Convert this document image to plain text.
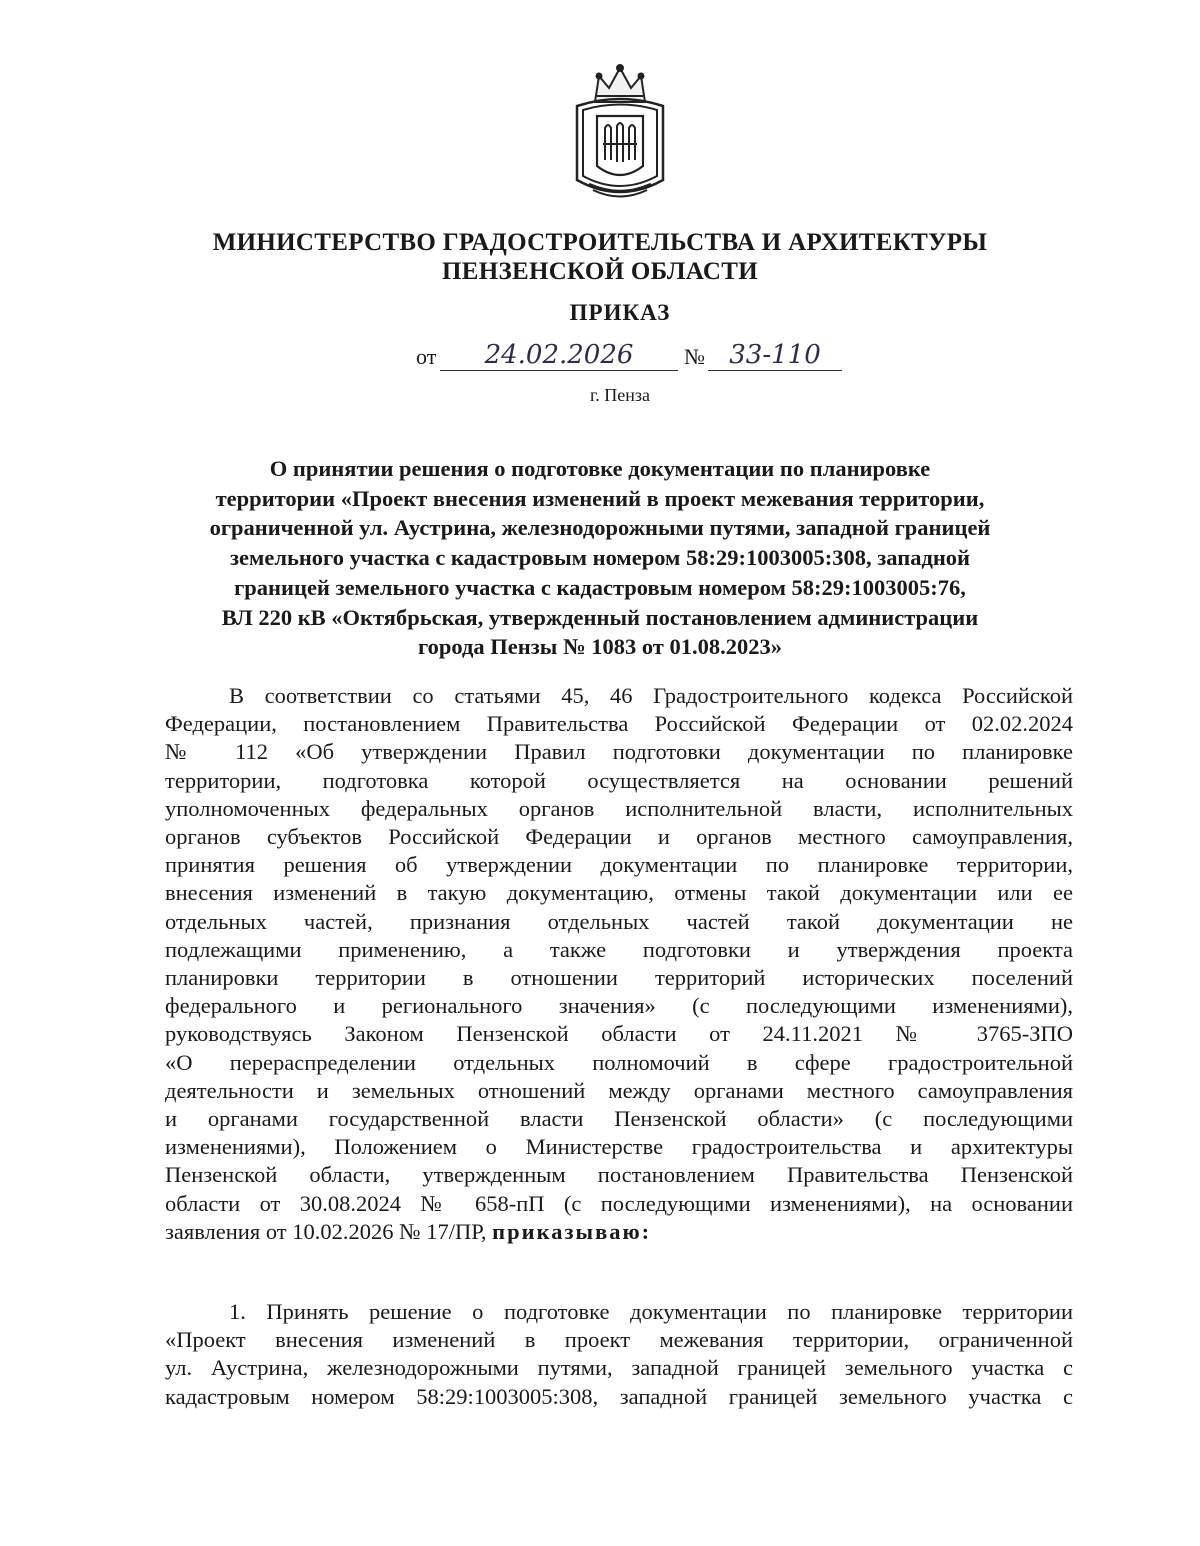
МИНИСТЕРСТВО ГРАДОСТРОИТЕЛЬСТВА И АРХИТЕКТУРЫ
ПЕНЗЕНСКОЙ ОБЛАСТИ
ПРИКАЗ
от	24.02.2026	№ 33-110
г. Пенза
О принятии решения о подготовке документации по планировке
территории «Проект внесения изменений в проект межевания территории,
ограниченной ул. Аустрина, железнодорожными путями, западной границей
земельного участка с кадастровым номером 58:29:1003005:308, западной
границей земельного участка с кадастровым номером 58:29:1003005:76,
ВЛ 220 кВ «Октябрьская, утвержденный постановлением администрации
города Пензы № 1083 от 01.08.2023»
В соответствии со статьями 45, 46 Градостроительного кодекса Российской
Федерации, постановлением Правительства Российской Федерации от 02.02.2024
№ 112 «Об утверждении Правил подготовки документации по планировке
территории, подготовка которой осуществляется на основании решений
уполномоченных федеральных органов исполнительной власти, исполнительных
органов субъектов Российской Федерации и органов местного самоуправления,
принятия решения об утверждении документации по планировке территории,
внесения изменений в такую документацию, отмены такой документации или ее
отдельных частей, признания отдельных частей такой документации не
подлежащими применению, а также подготовки и утверждения проекта
планировки территории в отношении территорий исторических поселений
федерального и регионального значения» (с последующими изменениями),
руководствуясь Законом Пензенской области от 24.11.2021 № 3765-ЗПО
«О перераспределении отдельных полномочий в сфере градостроительной
деятельности и земельных отношений между органами местного самоуправления
и органами государственной власти Пензенской области» (с последующими
изменениями), Положением о Министерстве градостроительства и архитектуры
Пензенской области, утвержденным постановлением Правительства Пензенской
области от 30.08.2024 № 658-пП (с последующими изменениями), на основании
заявления от 10.02.2026 № 17/ПР, приказываю:
1. Принять решение о подготовке документации по планировке территории
«Проект внесения изменений в проект межевания территории, ограниченной
ул. Аустрина, железнодорожными путями, западной границей земельного участка с
кадастровым номером 58:29:1003005:308, западной границей земельного участка с
